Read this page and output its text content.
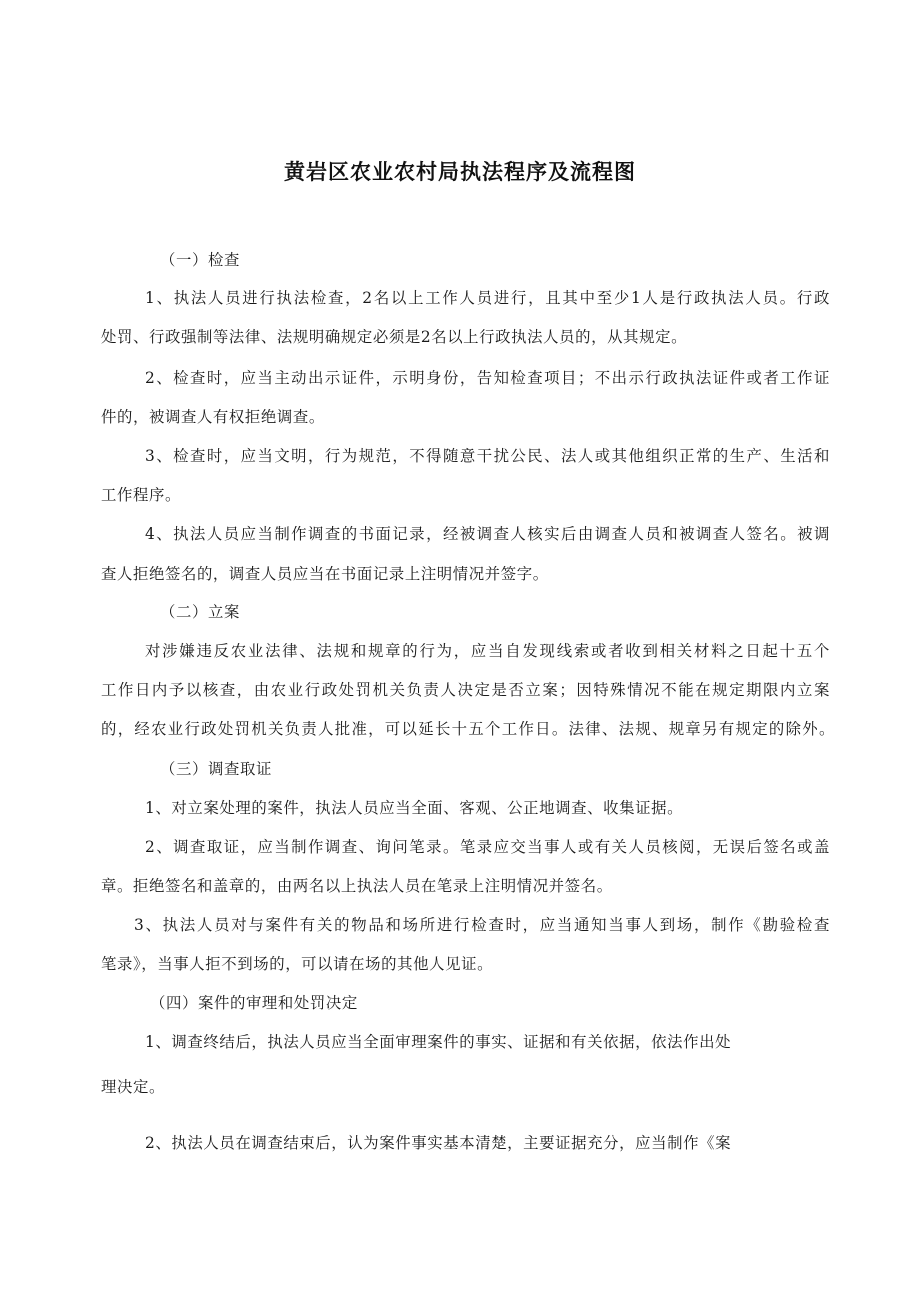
黄岩区农业农村局执法程序及流程图
（一）检查
1、执法人员进行执法检查，2名以上工作人员进行，且其中至少1人是行政执法人员。行政
处罚、行政强制等法律、法规明确规定必须是2名以上行政执法人员的，从其规定。
2、检查时，应当主动出示证件，示明身份，告知检查项目；不出示行政执法证件或者工作证
件的，被调查人有权拒绝调查。
3、检查时，应当文明，行为规范，不得随意干扰公民、法人或其他组织正常的生产、生活和
工作程序。
4、执法人员应当制作调查的书面记录，经被调查人核实后由调查人员和被调查人签名。被调
查人拒绝签名的，调查人员应当在书面记录上注明情况并签字。
（二）立案
对涉嫌违反农业法律、法规和规章的行为，应当自发现线索或者收到相关材料之日起十五个
工作日内予以核查，由农业行政处罚机关负责人决定是否立案；因特殊情况不能在规定期限内立案
的，经农业行政处罚机关负责人批准，可以延长十五个工作日。法律、法规、规章另有规定的除外。
（三）调查取证
1、对立案处理的案件，执法人员应当全面、客观、公正地调查、收集证据。
2、调查取证，应当制作调查、询问笔录。笔录应交当事人或有关人员核阅，无误后签名或盖
章。拒绝签名和盖章的，由两名以上执法人员在笔录上注明情况并签名。
3、执法人员对与案件有关的物品和场所进行检查时，应当通知当事人到场，制作《勘验检查
笔录》，当事人拒不到场的，可以请在场的其他人见证。
（四）案件的审理和处罚决定
1、调查终结后，执法人员应当全面审理案件的事实、证据和有关依据，依法作出处
理决定。
2、执法人员在调查结束后，认为案件事实基本清楚，主要证据充分，应当制作《案
